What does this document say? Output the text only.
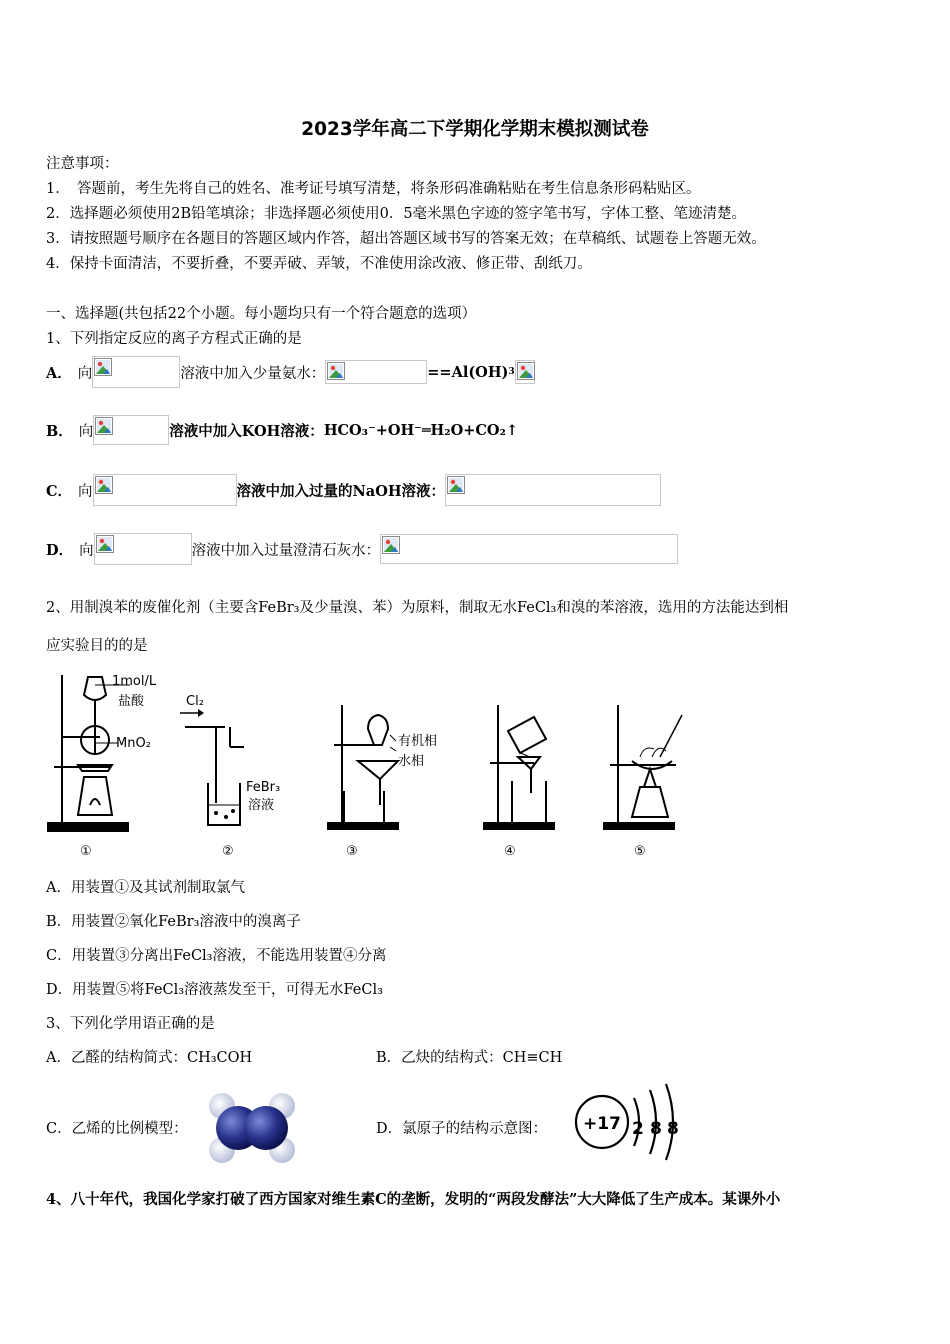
2023学年高二下学期化学期末模拟测试卷
注意事项：
1．　答题前，考生先将自己的姓名、准考证号填写清楚，将条形码准确粘贴在考生信息条形码粘贴区。
2．选择题必须使用2B铅笔填涂；非选择题必须使用0．5毫米黑色字迹的签字笔书写，字体工整、笔迹清楚。
3．请按照题号顺序在各题目的答题区域内作答，超出答题区域书写的答案无效；在草稿纸、试题卷上答题无效。
4．保持卡面清洁，不要折叠，不要弄破、弄皱，不准使用涂改液、修正带、刮纸刀。
一、选择题(共包括22个小题。每小题均只有一个符合题意的选项）
1、下列指定反应的离子方程式正确的是
A． 向	溶液中加入少量氨水：	==Al(OH) 3
B． 向	溶液中加入KOH溶液： HCO₃⁻+OH⁻═H₂O+CO₂↑
C． 向	溶液中加入过量的NaOH溶液：
D． 向	溶液中加入过量澄清石灰水：
2、用制溴苯的废催化剂（主要含FeBr₃及少量溴、苯）为原料，制取无水FeCl₃和溴的苯溶液，选用的方法能达到相
应实验目的的是
1mol/L
盐酸
MnO₂
Cl₂
FeBr₃
溶液
有机相
水相
①	②	③	④	⑤
A．用装置①及其试剂制取氯气
B．用装置②氧化FeBr₃溶液中的溴离子
C．用装置③分离出FeCl₃溶液，不能选用装置④分离
D．用装置⑤将FeCl₃溶液蒸发至干，可得无水FeCl₃
3、下列化学用语正确的是
A．乙醛的结构简式：CH₃COH	B．乙炔的结构式：CH≡CH
C．乙烯的比例模型：	D．氯原子的结构示意图： +17 2 8 8
4、八十年代，我国化学家打破了西方国家对维生素C的垄断，发明的“两段发酵法”大大降低了生产成本。某课外小
